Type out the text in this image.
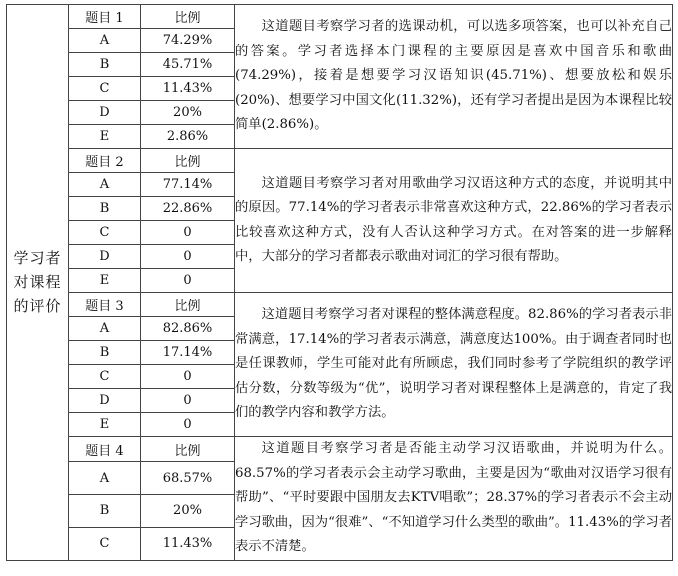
学习者对课程的评价	题目 1	比例	这道题目考察学习者的选课动机，可以选多项答案，也可以补充自己的答案。学习者选择本门课程的主要原因是喜欢中国音乐和歌曲(74.29%)，接着是想要学习汉语知识(45.71%)、想要放松和娱乐(20%)、想要学习中国文化(11.32%)，还有学习者提出是因为本课程比较简单(2.86%)。
	A	74.29%	
	B	45.71%	
	C	11.43%	
	D	20%	
	E	2.86%	
	题目 2	比例	这道题目考察学习者对用歌曲学习汉语这种方式的态度，并说明其中的原因。77.14%的学习者表示非常喜欢这种方式，22.86%的学习者表示比较喜欢这种方式，没有人否认这种学习方式。在对答案的进一步解释中，大部分的学习者都表示歌曲对词汇的学习很有帮助。
	A	77.14%	
	B	22.86%	
	C	0	
	D	0	
	E	0	
	题目 3	比例	这道题目考察学习者对课程的整体满意程度。82.86%的学习者表示非常满意，17.14%的学习者表示满意，满意度达100%。由于调查者同时也是任课教师，学生可能对此有所顾虑，我们同时参考了学院组织的教学评估分数，分数等级为“优”，说明学习者对课程整体上是满意的，肯定了我们的教学内容和教学方法。
	A	82.86%	
	B	17.14%	
	C	0	
	D	0	
	E	0	
	题目 4	比例	这道题目考察学习者是否能主动学习汉语歌曲，并说明为什么。68.57%的学习者表示会主动学习歌曲，主要是因为“歌曲对汉语学习很有帮助”、“平时要跟中国朋友去KTV唱歌”；28.37%的学习者表示不会主动学习歌曲，因为“很难”、“不知道学习什么类型的歌曲”。11.43%的学习者表示不清楚。
	A	68.57%	
	B	20%	
	C	11.43%	
